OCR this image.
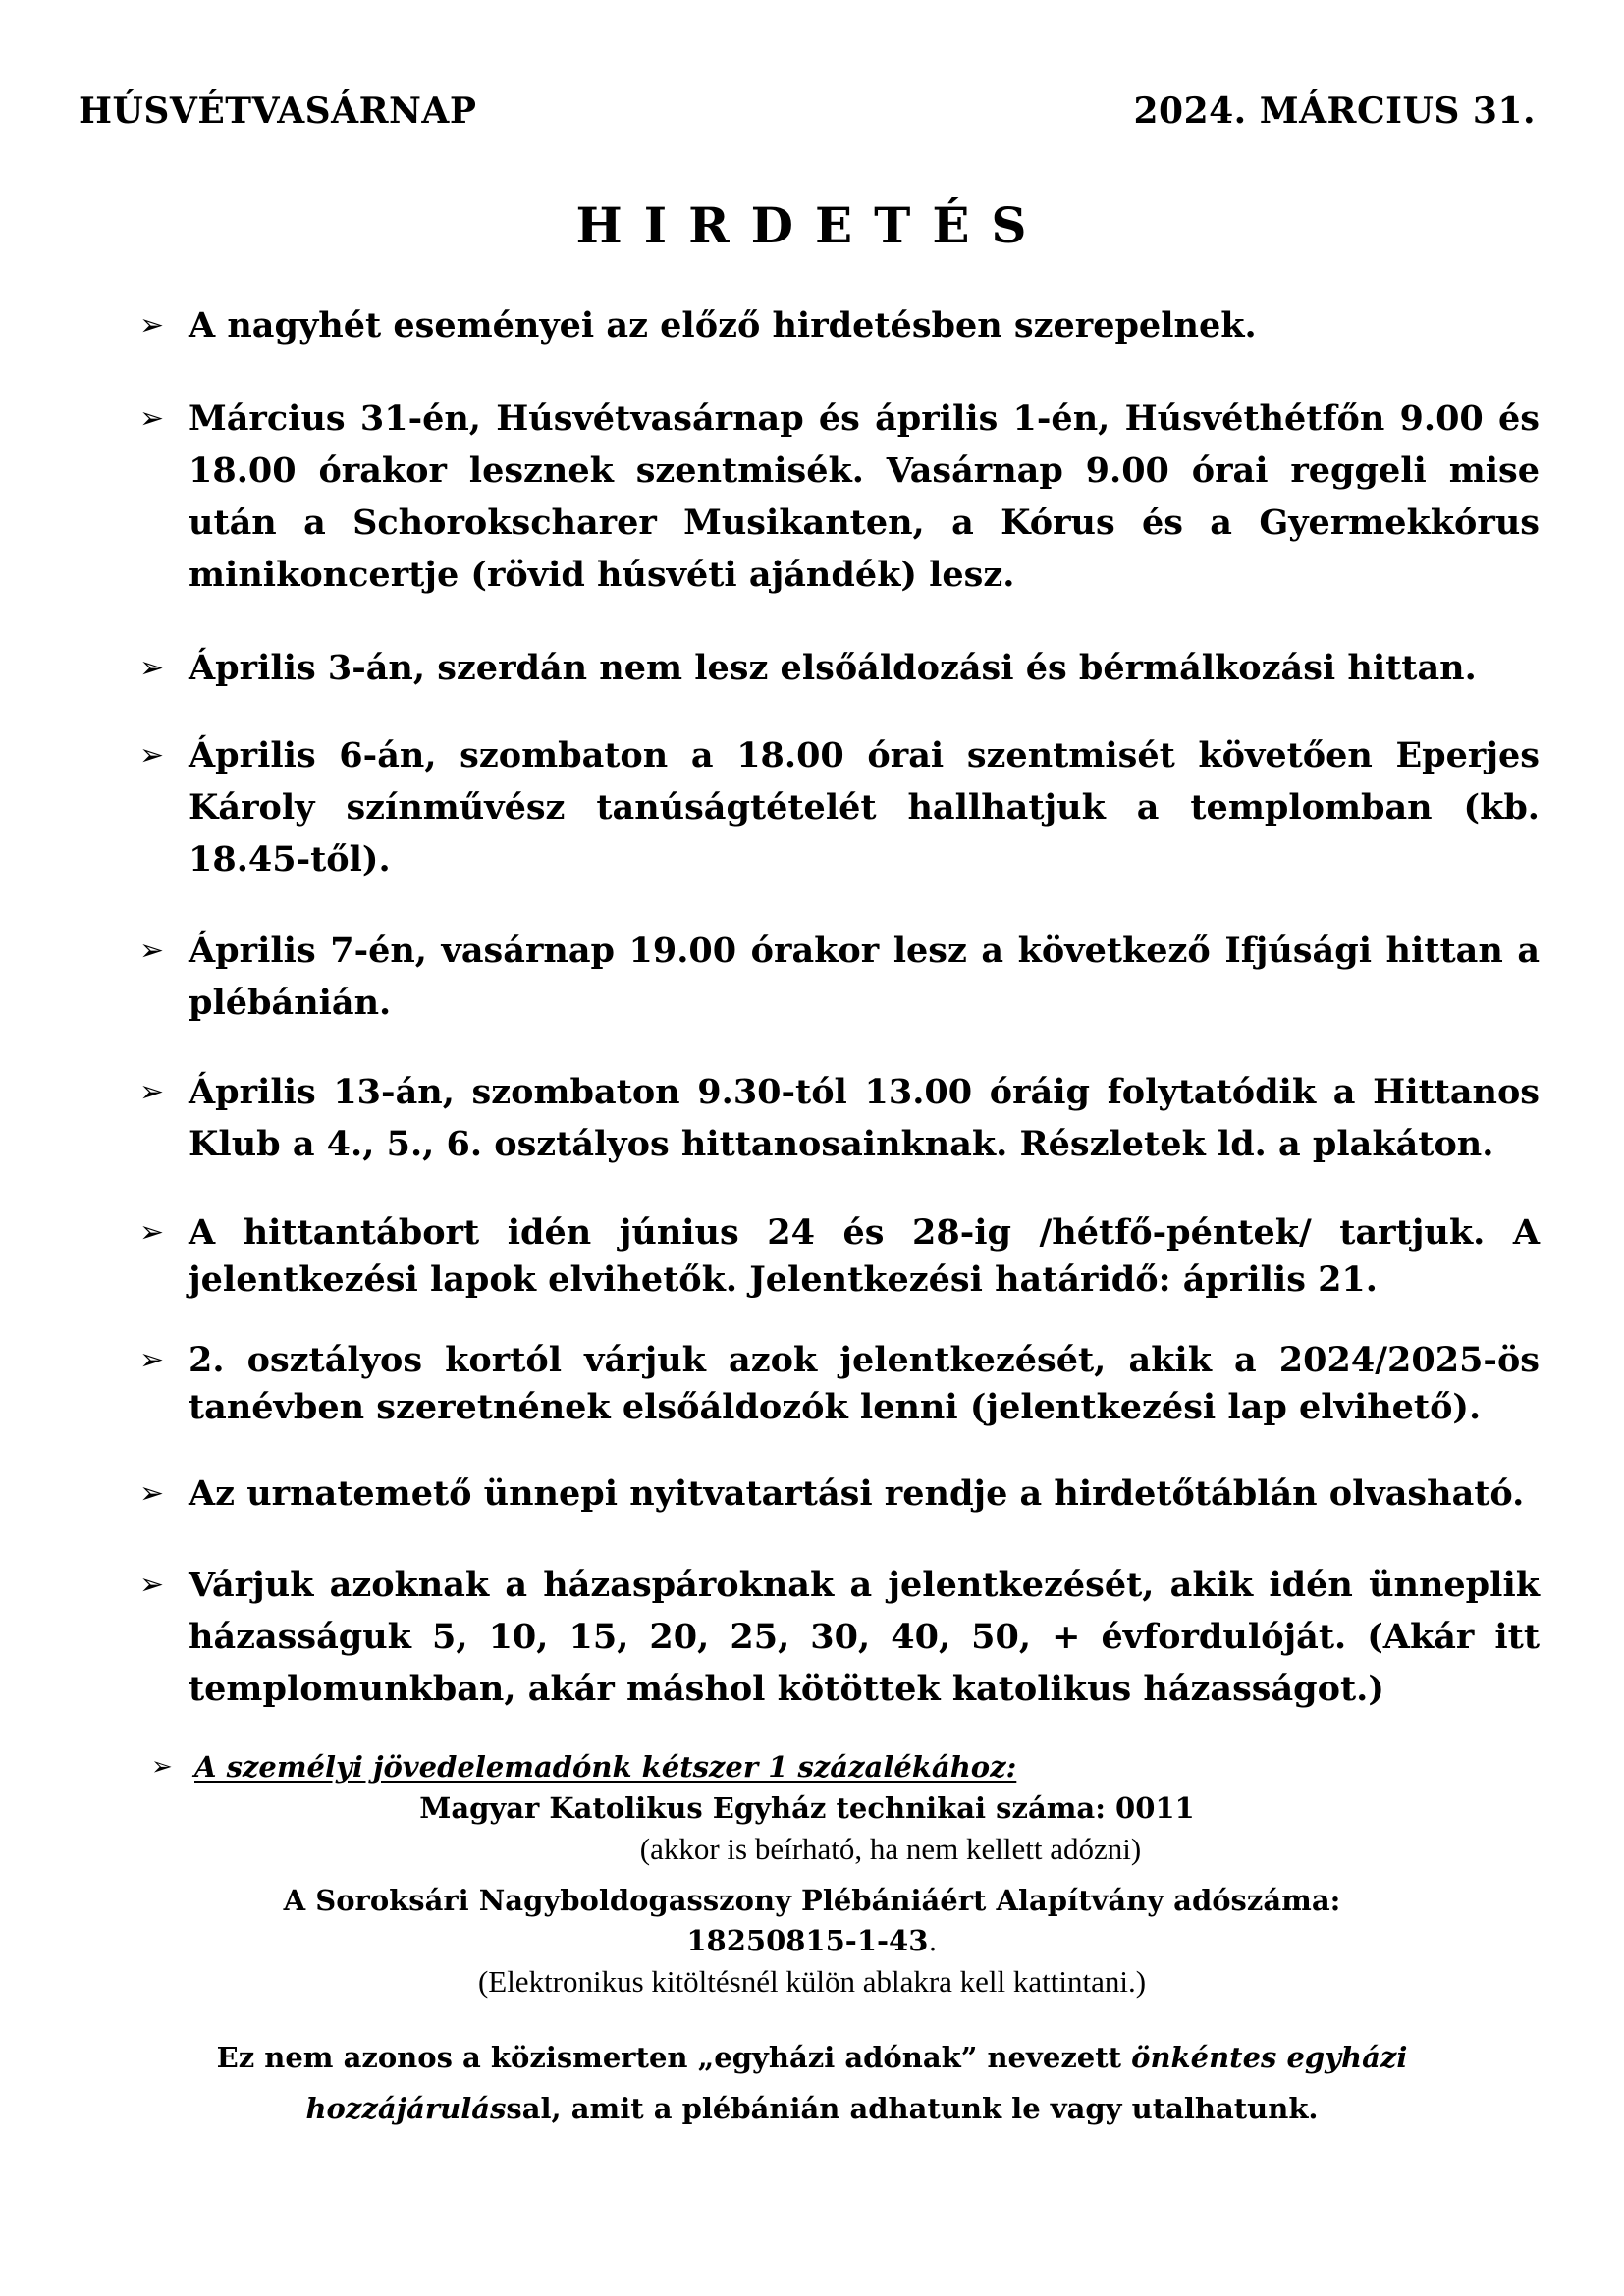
HÚSVÉTVASÁRNAP	2024. MÁRCIUS 31.
HIRDETÉS
➢ A nagyhét eseményei az előző hirdetésben szerepelnek.
➢ Március 31-én, Húsvétvasárnap és április 1-én, Húsvéthétfőn 9.00 és 18.00 órakor lesznek szentmisék. Vasárnap 9.00 órai reggeli mise után a Schorokscharer Musikanten, a Kórus és a Gyermekkórus minikoncertje (rövid húsvéti ajándék) lesz.
➢ Április 3-án, szerdán nem lesz elsőáldozási és bérmálkozási hittan.
➢ Április 6-án, szombaton a 18.00 órai szentmisét követően Eperjes Károly színművész tanúságtételét hallhatjuk a templomban (kb. 18.45-től).
➢ Április 7-én, vasárnap 19.00 órakor lesz a következő Ifjúsági hittan a plébánián.
➢ Április 13-án, szombaton 9.30-tól 13.00 óráig folytatódik a Hittanos Klub a 4., 5., 6. osztályos hittanosainknak. Részletek ld. a plakáton.
➢ A hittantábort idén június 24 és 28-ig /hétfő-péntek/ tartjuk. A jelentkezési lapok elvihetők. Jelentkezési határidő: április 21.
➢ 2. osztályos kortól várjuk azok jelentkezését, akik a 2024/2025-ös tanévben szeretnének elsőáldozók lenni (jelentkezési lap elvihető).
➢ Az urnatemető ünnepi nyitvatartási rendje a hirdetőtáblán olvasható.
➢ Várjuk azoknak a házaspároknak a jelentkezését, akik idén ünneplik házasságuk 5, 10, 15, 20, 25, 30, 40, 50, + évfordulóját. (Akár itt templomunkban, akár máshol kötöttek katolikus házasságot.)
➢ A személyi jövedelemadónk kétszer 1 százalékához:
Magyar Katolikus Egyház technikai száma: 0011
(akkor is beírható, ha nem kellett adózni)
A Soroksári Nagyboldogasszony Plébániáért Alapítvány adószáma:
18250815-1-43.
(Elektronikus kitöltésnél külön ablakra kell kattintani.)
Ez nem azonos a közismerten „egyházi adónak” nevezett önkéntes egyházi hozzájárulással, amit a plébánián adhatunk le vagy utalhatunk.
